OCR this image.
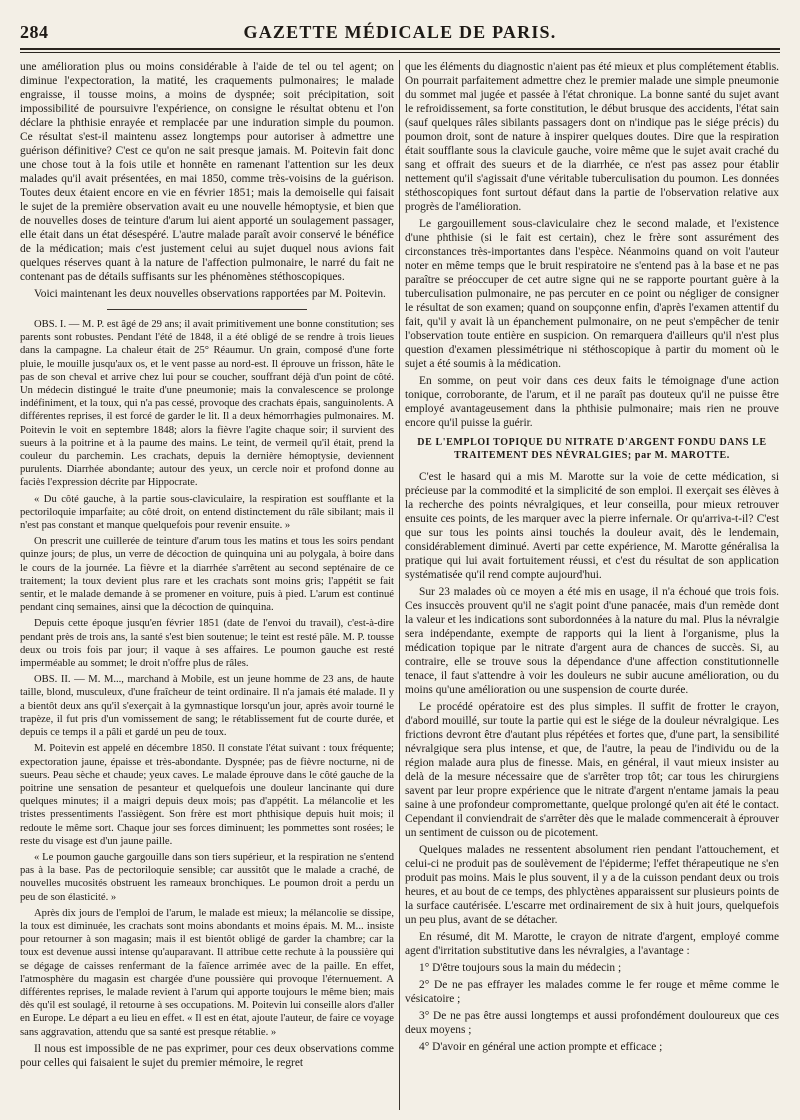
284	GAZETTE MÉDICALE DE PARIS.

une amélioration plus ou moins considérable à l'aide de tel ou tel agent; on diminue l'expectoration, la matité, les craquements pulmonaires; le malade engraisse, il tousse moins, a moins de dyspnée; soit précipitation, soit impossibilité de poursuivre l'expérience, on consigne le résultat obtenu et l'on déclare la phthisie enrayée et remplacée par une induration simple du poumon. Ce résultat s'est-il maintenu assez longtemps pour autoriser à admettre une guérison définitive? C'est ce qu'on ne sait presque jamais. M. Poitevin fait donc une chose tout à la fois utile et honnête en ramenant l'attention sur les deux malades qu'il avait présentées, en mai 1850, comme très-voisins de la guérison. Toutes deux étaient encore en vie en février 1851; mais la demoiselle qui faisait le sujet de la première observation avait eu une nouvelle hémoptysie, et bien que de nouvelles doses de teinture d'arum lui aient apporté un soulagement passager, elle était dans un état désespéré. L'autre malade paraît avoir conservé le bénéfice de la médication; mais c'est justement celui au sujet duquel nous avions fait quelques réserves quant à la nature de l'affection pulmonaire, le narré du fait ne contenant pas de détails suffisants sur les phénomènes stéthoscopiques.

Voici maintenant les deux nouvelles observations rapportées par M. Poitevin.

OBS. I. — M. P. est âgé de 29 ans; il avait primitivement une bonne constitution; ses parents sont robustes. Pendant l'été de 1848, il a été obligé de se rendre à trois lieues dans la campagne. La chaleur était de 25° Réaumur. Un grain, composé d'une forte pluie, le mouille jusqu'aux os, et le vent passe au nord-est. Il éprouve un frisson, hâte le pas de son cheval et arrive chez lui pour se coucher, souffrant déjà d'un point de côté. Un médecin distingué le traite d'une pneumonie; mais la convalescence se prolonge indéfiniment, et la toux, qui n'a pas cessé, provoque des crachats épais, sanguinolents. A différentes reprises, il est forcé de garder le lit. Il a deux hémorrhagies pulmonaires. M. Poitevin le voit en septembre 1848; alors la fièvre l'agite chaque soir; il survient des sueurs à la poitrine et à la paume des mains. Le teint, de vermeil qu'il était, prend la couleur du parchemin. Les crachats, depuis la dernière hémoptysie, deviennent purulents. Diarrhée abondante; autour des yeux, un cercle noir et profond donne au faciès l'expression décrite par Hippocrate.

« Du côté gauche, à la partie sous-claviculaire, la respiration est soufflante et la pectoriloquie imparfaite; au côté droit, on entend distinctement du râle sibilant; mais il n'est pas constant et manque quelquefois pour revenir ensuite. »

On prescrit une cuillerée de teinture d'arum tous les matins et tous les soirs pendant quinze jours; de plus, un verre de décoction de quinquina uni au polygala, à boire dans le cours de la journée. La fièvre et la diarrhée s'arrêtent au second septénaire de ce traitement; la toux devient plus rare et les crachats sont moins gris; l'appétit se fait sentir, et le malade demande à se promener en voiture, puis à pied. L'arum est continué pendant cinq semaines, ainsi que la décoction de quinquina.

Depuis cette époque jusqu'en février 1851 (date de l'envoi du travail), c'est-à-dire pendant près de trois ans, la santé s'est bien soutenue; le teint est resté pâle. M. P. tousse deux ou trois fois par jour; il vaque à ses affaires. Le poumon gauche est resté imperméable au sommet; le droit n'offre plus de râles.

OBS. II. — M. M..., marchand à Mobile, est un jeune homme de 23 ans, de haute taille, blond, musculeux, d'une fraîcheur de teint ordinaire. Il n'a jamais été malade. Il y a bientôt deux ans qu'il s'exerçait à la gymnastique lorsqu'un jour, après avoir tourné le trapèze, il fut pris d'un vomissement de sang; le rétablissement fut de courte durée, et depuis ce temps il a pâli et gardé un peu de toux.

M. Poitevin est appelé en décembre 1850. Il constate l'état suivant : toux fréquente; expectoration jaune, épaisse et très-abondante. Dyspnée; pas de fièvre nocturne, ni de sueurs. Peau sèche et chaude; yeux caves. Le malade éprouve dans le côté gauche de la poitrine une sensation de pesanteur et quelquefois une douleur lancinante qui dure quelques minutes; il a maigri depuis deux mois; pas d'appétit. La mélancolie et les tristes pressentiments l'assiègent. Son frère est mort phthisique depuis huit mois; il redoute le même sort. Chaque jour ses forces diminuent; les pommettes sont rosées; le reste du visage est d'un jaune paille.

« Le poumon gauche gargouille dans son tiers supérieur, et la respiration ne s'entend pas à la base. Pas de pectoriloquie sensible; car aussitôt que le malade a craché, de nouvelles mucosités obstruent les rameaux bronchiques. Le poumon droit a perdu un peu de son élasticité. »

Après dix jours de l'emploi de l'arum, le malade est mieux; la mélancolie se dissipe, la toux est diminuée, les crachats sont moins abondants et moins épais. M. M... insiste pour retourner à son magasin; mais il est bientôt obligé de garder la chambre; car la toux est devenue aussi intense qu'auparavant. Il attribue cette rechute à la poussière qui se dégage de caisses renfermant de la faïence arrimée avec de la paille. En effet, l'atmosphère du magasin est chargée d'une poussière qui provoque l'éternuement. A différentes reprises, le malade revient à l'arum qui apporte toujours le même bien; mais dès qu'il est soulagé, il retourne à ses occupations. M. Poitevin lui conseille alors d'aller en Europe. Le départ a eu lieu en effet. « Il est en état, ajoute l'auteur, de faire ce voyage sans aggravation, attendu que sa santé est presque rétablie. »

Il nous est impossible de ne pas exprimer, pour ces deux observations comme pour celles qui faisaient le sujet du premier mémoire, le regret

que les éléments du diagnostic n'aient pas été mieux et plus complétement établis. On pourrait parfaitement admettre chez le premier malade une simple pneumonie du sommet mal jugée et passée à l'état chronique. La bonne santé du sujet avant le refroidissement, sa forte constitution, le début brusque des accidents, l'état sain (sauf quelques râles sibilants passagers dont on n'indique pas le siége précis) du poumon droit, sont de nature à inspirer quelques doutes. Dire que la respiration était soufflante sous la clavicule gauche, voire même que le sujet avait craché du sang et offrait des sueurs et de la diarrhée, ce n'est pas assez pour établir nettement qu'il s'agissait d'une véritable tuberculisation du poumon. Les données stéthoscopiques font surtout défaut dans la partie de l'observation relative aux progrès de l'amélioration.

Le gargouillement sous-claviculaire chez le second malade, et l'existence d'une phthisie (si le fait est certain), chez le frère sont assurément des circonstances très-importantes dans l'espèce. Néanmoins quand on voit l'auteur noter en même temps que le bruit respiratoire ne s'entend pas à la base et ne pas paraître se préoccuper de cet autre signe qui ne se rapporte pourtant guère à la tuberculisation pulmonaire, ne pas percuter en ce point ou négliger de consigner le résultat de son examen; quand on soupçonne enfin, d'après l'examen attentif du fait, qu'il y avait là un épanchement pulmonaire, on ne peut s'empêcher de tenir l'observation toute entière en suspicion. On remarquera d'ailleurs qu'il n'est plus question d'examen plessimétrique ni stéthoscopique à partir du moment où le sujet a été soumis à la médication.

En somme, on peut voir dans ces deux faits le témoignage d'une action tonique, corroborante, de l'arum, et il ne paraît pas douteux qu'il ne puisse être employé avantageusement dans la phthisie pulmonaire; mais rien ne prouve encore qu'il puisse la guérir.

DE L'EMPLOI TOPIQUE DU NITRATE D'ARGENT FONDU DANS LE TRAITEMENT DES NÉVRALGIES; par M. MAROTTE.

C'est le hasard qui a mis M. Marotte sur la voie de cette médication, si précieuse par la commodité et la simplicité de son emploi. Il exerçait ses élèves à la recherche des points névralgiques, et leur conseilla, pour mieux retrouver ensuite ces points, de les marquer avec la pierre infernale. Or qu'arriva-t-il? C'est que sur tous les points ainsi touchés la douleur avait, dès le lendemain, considérablement diminué. Averti par cette expérience, M. Marotte généralisa la pratique qui lui avait fortuitement réussi, et c'est du résultat de son application systématisée qu'il rend compte aujourd'hui.

Sur 23 malades où ce moyen a été mis en usage, il n'a échoué que trois fois. Ces insuccès prouvent qu'il ne s'agit point d'une panacée, mais d'un remède dont la valeur et les indications sont subordonnées à la nature du mal. Plus la névralgie sera indépendante, exempte de rapports qui la lient à l'organisme, plus la médication topique par le nitrate d'argent aura de chances de succès. Si, au contraire, elle se trouve sous la dépendance d'une affection constitutionnelle tenace, il faut s'attendre à voir les douleurs ne subir aucune amélioration, ou du moins qu'une amélioration ou une suspension de courte durée.

Le procédé opératoire est des plus simples. Il suffit de frotter le crayon, d'abord mouillé, sur toute la partie qui est le siége de la douleur névralgique. Les frictions devront être d'autant plus répétées et fortes que, d'une part, la sensibilité névralgique sera plus intense, et que, de l'autre, la peau de l'individu ou de la région malade aura plus de finesse. Mais, en général, il vaut mieux insister au delà de la mesure nécessaire que de s'arrêter trop tôt; car tous les chirurgiens savent par leur propre expérience que le nitrate d'argent n'entame jamais la peau saine à une profondeur compromettante, quelque prolongé qu'en ait été le contact. Cependant il conviendrait de s'arrêter dès que le malade commencerait à éprouver un sentiment de cuisson ou de picotement.

Quelques malades ne ressentent absolument rien pendant l'attouchement, et celui-ci ne produit pas de soulèvement de l'épiderme; l'effet thérapeutique ne s'en produit pas moins. Mais le plus souvent, il y a de la cuisson pendant deux ou trois heures, et au bout de ce temps, des phlyctènes apparaissent sur plusieurs points de la surface cautérisée. L'escarre met ordinairement de six à huit jours, quelquefois un peu plus, avant de se détacher.

En résumé, dit M. Marotte, le crayon de nitrate d'argent, employé comme agent d'irritation substitutive dans les névralgies, a l'avantage :

1° D'être toujours sous la main du médecin ;

2° De ne pas effrayer les malades comme le fer rouge et même comme le vésicatoire ;

3° De ne pas être aussi longtemps et aussi profondément douloureux que ces deux moyens ;

4° D'avoir en général une action prompte et efficace ;
